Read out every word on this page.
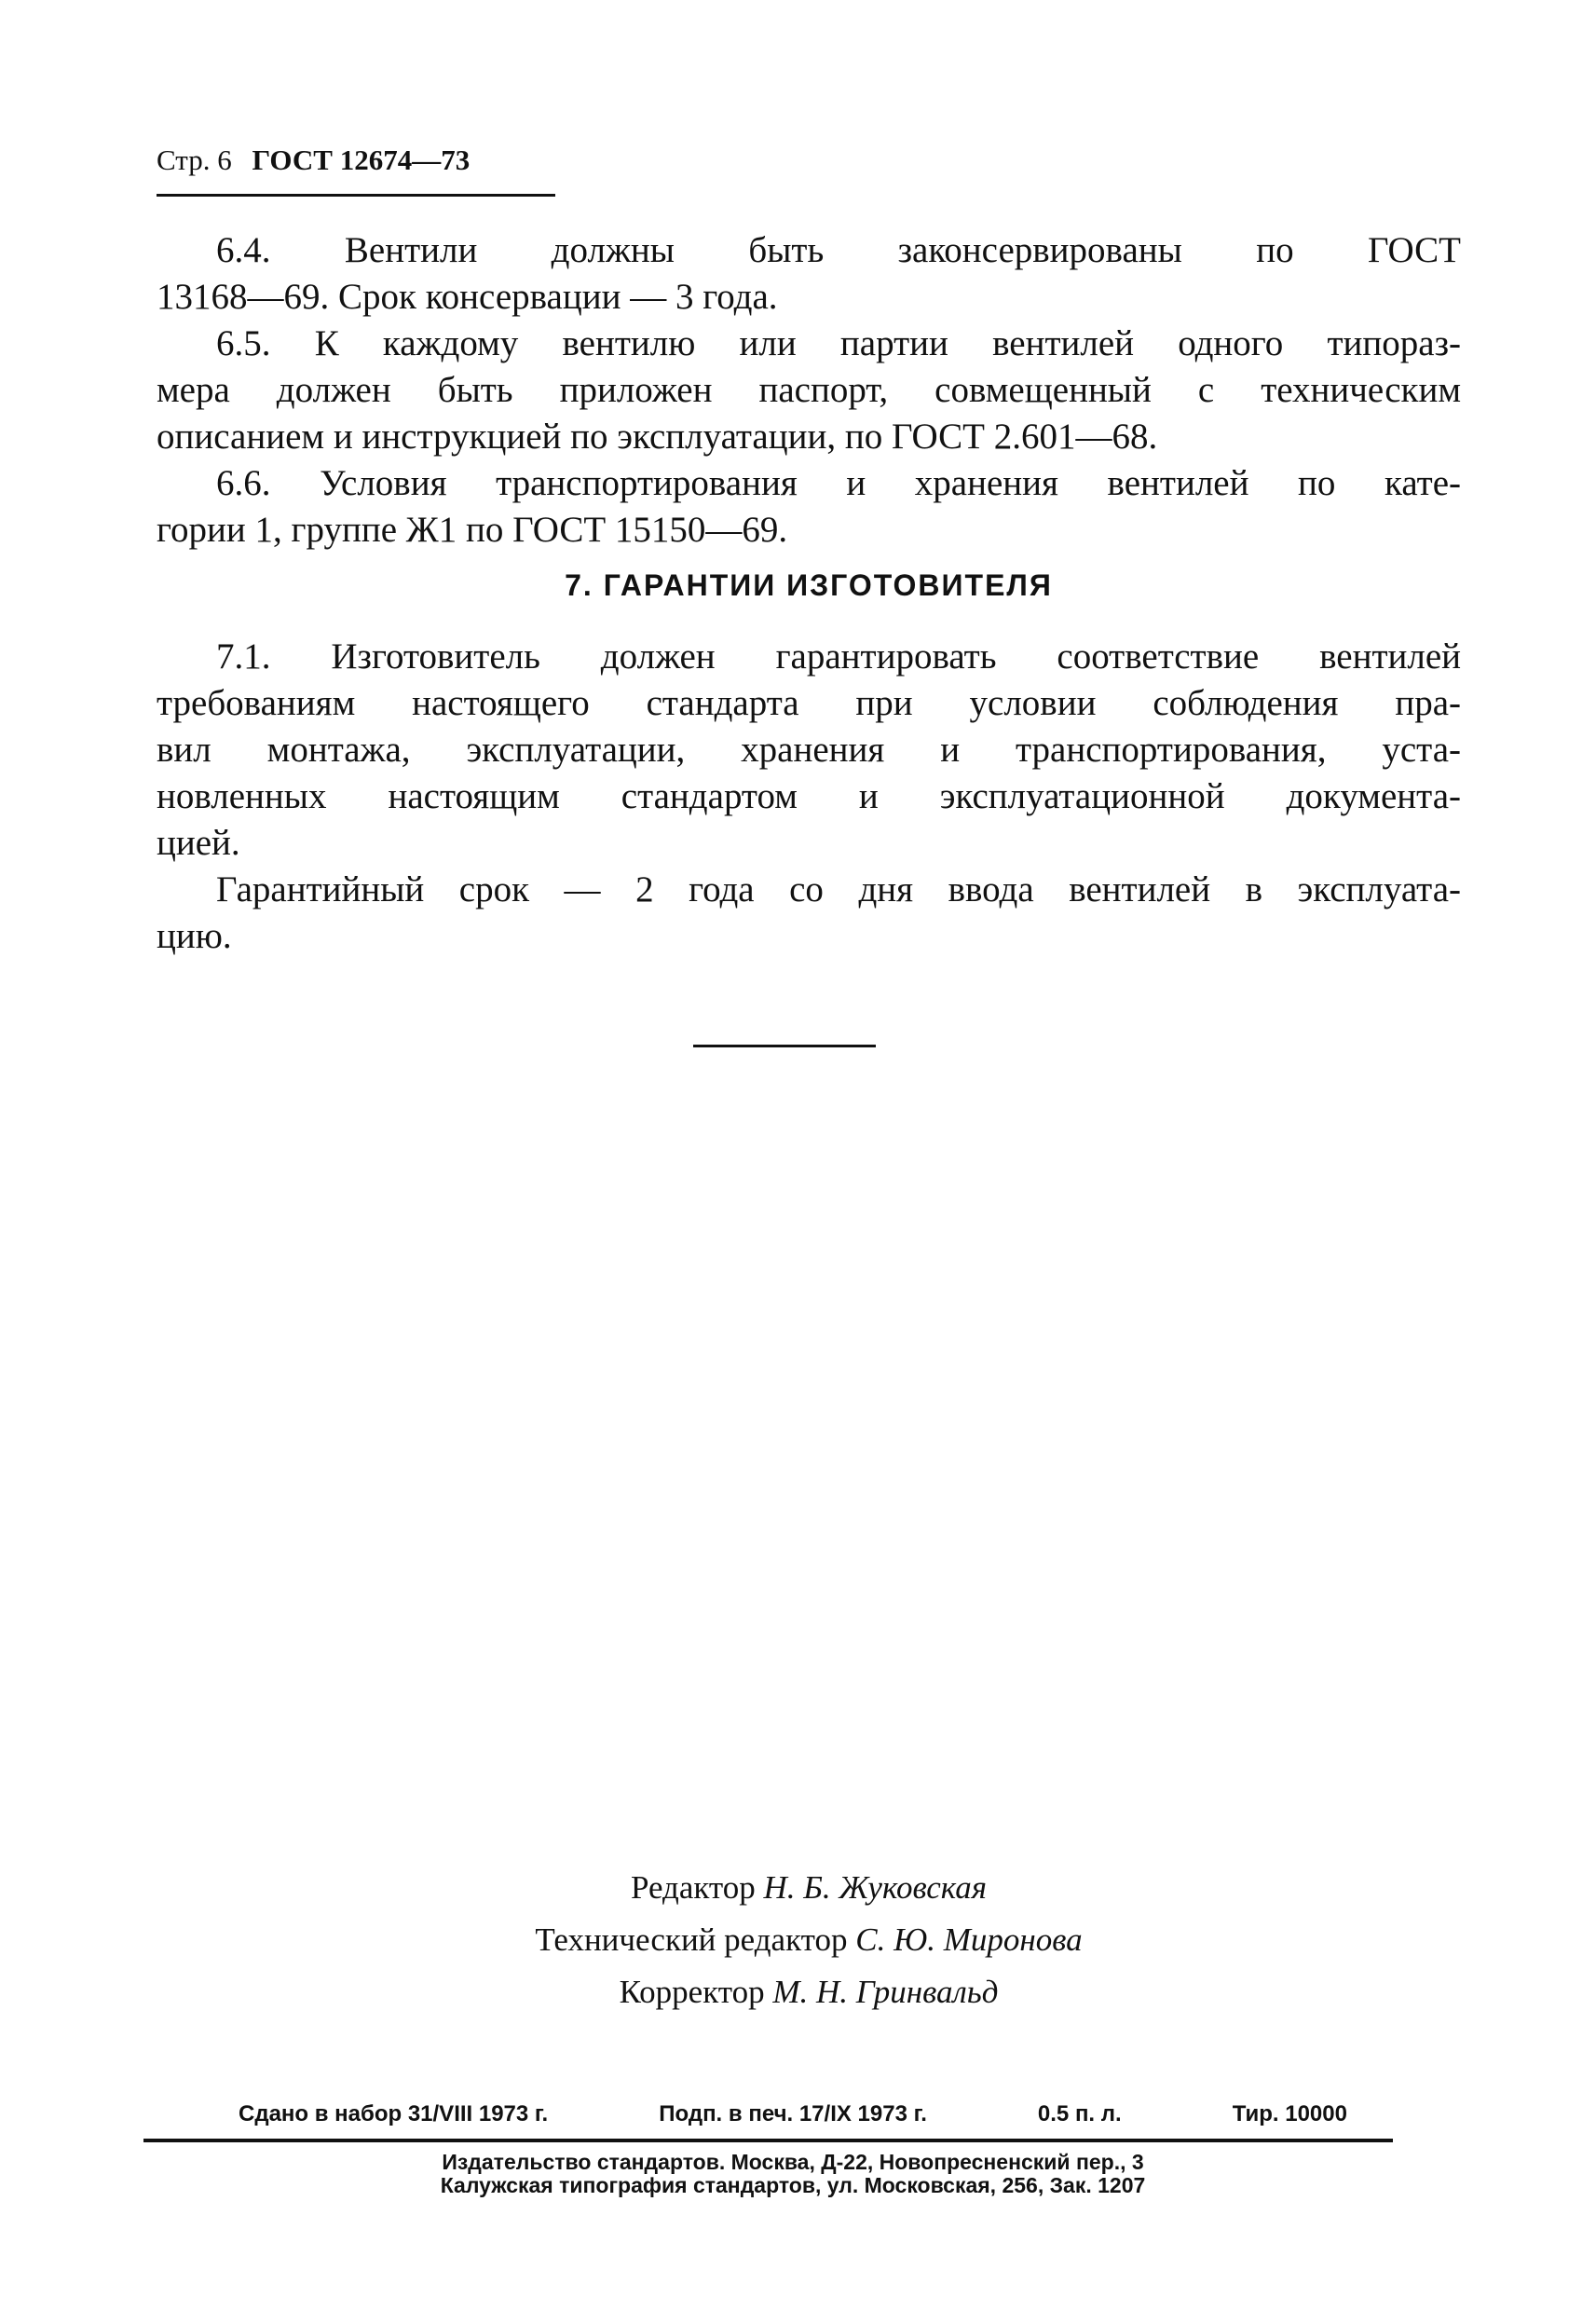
Стр. 6 ГОСТ 12674—73
6.4. Вентили должны быть законсервированы по ГОСТ
13168—69. Срок консервации — 3 года.
6.5. К каждому вентилю или партии вентилей одного типораз-
мера должен быть приложен паспорт, совмещенный с техническим
описанием и инструкцией по эксплуатации, по ГОСТ 2.601—68.
6.6. Условия транспортирования и хранения вентилей по кате-
гории 1, группе Ж1 по ГОСТ 15150—69.
7. ГАРАНТИИ ИЗГОТОВИТЕЛЯ
7.1. Изготовитель должен гарантировать соответствие вентилей
требованиям настоящего стандарта при условии соблюдения пра-
вил монтажа, эксплуатации, хранения и транспортирования, уста-
новленных настоящим стандартом и эксплуатационной документа-
цией.
Гарантийный срок — 2 года со дня ввода вентилей в эксплуата-
цию.
Редактор Н. Б. Жуковская
Технический редактор С. Ю. Миронова
Корректор М. Н. Гринвальд
Сдано в набор 31/VIII 1973 г.	Подп. в печ. 17/IX 1973 г.	0.5 п. л.	Тир. 10000
Издательство стандартов. Москва, Д-22, Новопресненский пер., 3
Калужская типография стандартов, ул. Московская, 256, Зак. 1207
